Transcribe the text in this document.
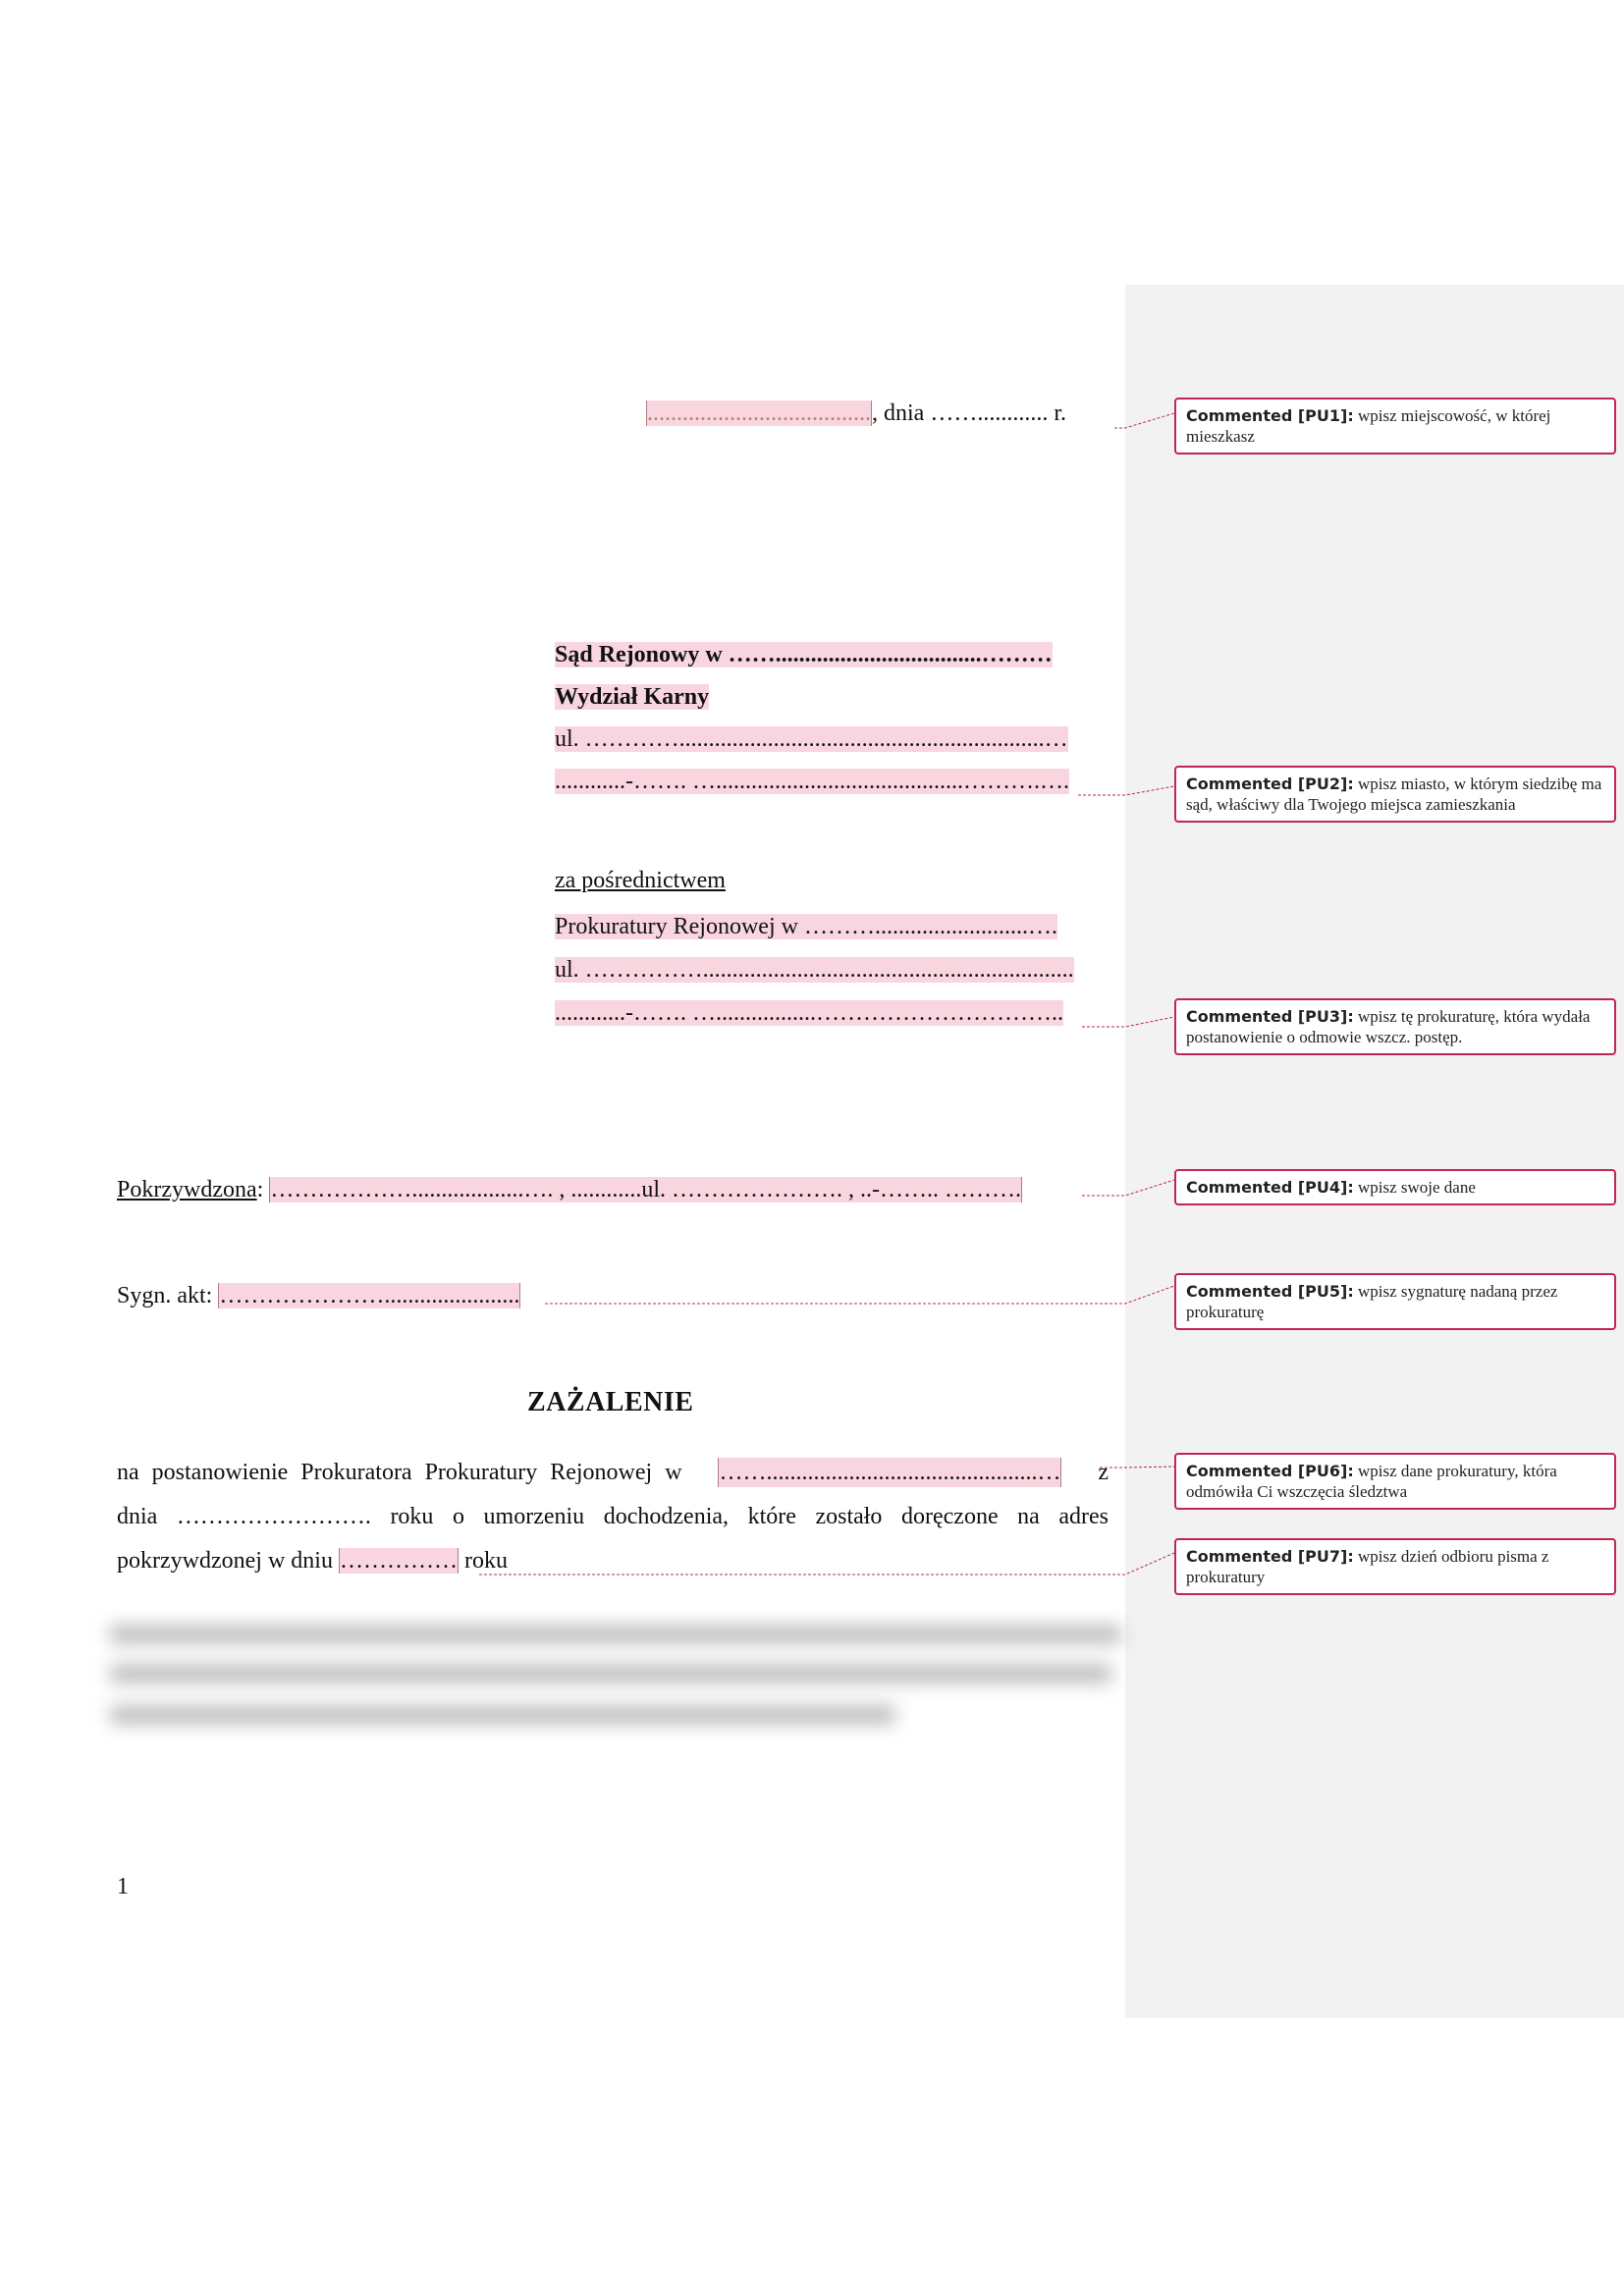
......................................, dnia ……............ r.
Sąd Rejonowy w ……...................................………
Wydział Karny
ul. …………..............................................................…
............-……. …..........................................……….….
za pośrednictwem
Prokuratury Rejonowej w ………..........................….
ul. ……………...............................................................
............-……. ….................…………………………..
Pokrzywdzona: ………………...................…. , ............ul. …………………. , ..-…….. ……….
Sygn. akt: ………………….......................
ZAŻALENIE
na postanowienie Prokuratora Prokuratury Rejonowej w ……..............................................… z
dnia ……………………. roku o umorzeniu dochodzenia, które zostało doręczone na adres
pokrzywdzonej w dniu …………… roku
1
Commented [PU1]: wpisz miejscowość, w której mieszkasz
Commented [PU2]: wpisz miasto, w którym siedzibę ma sąd, właściwy dla Twojego miejsca zamieszkania
Commented [PU3]: wpisz tę prokuraturę, która wydała postanowienie o odmowie wszcz. postęp.
Commented [PU4]: wpisz swoje dane
Commented [PU5]: wpisz sygnaturę nadaną przez prokuraturę
Commented [PU6]: wpisz dane prokuratury, która odmówiła Ci wszczęcia śledztwa
Commented [PU7]: wpisz dzień odbioru pisma z prokuratury
